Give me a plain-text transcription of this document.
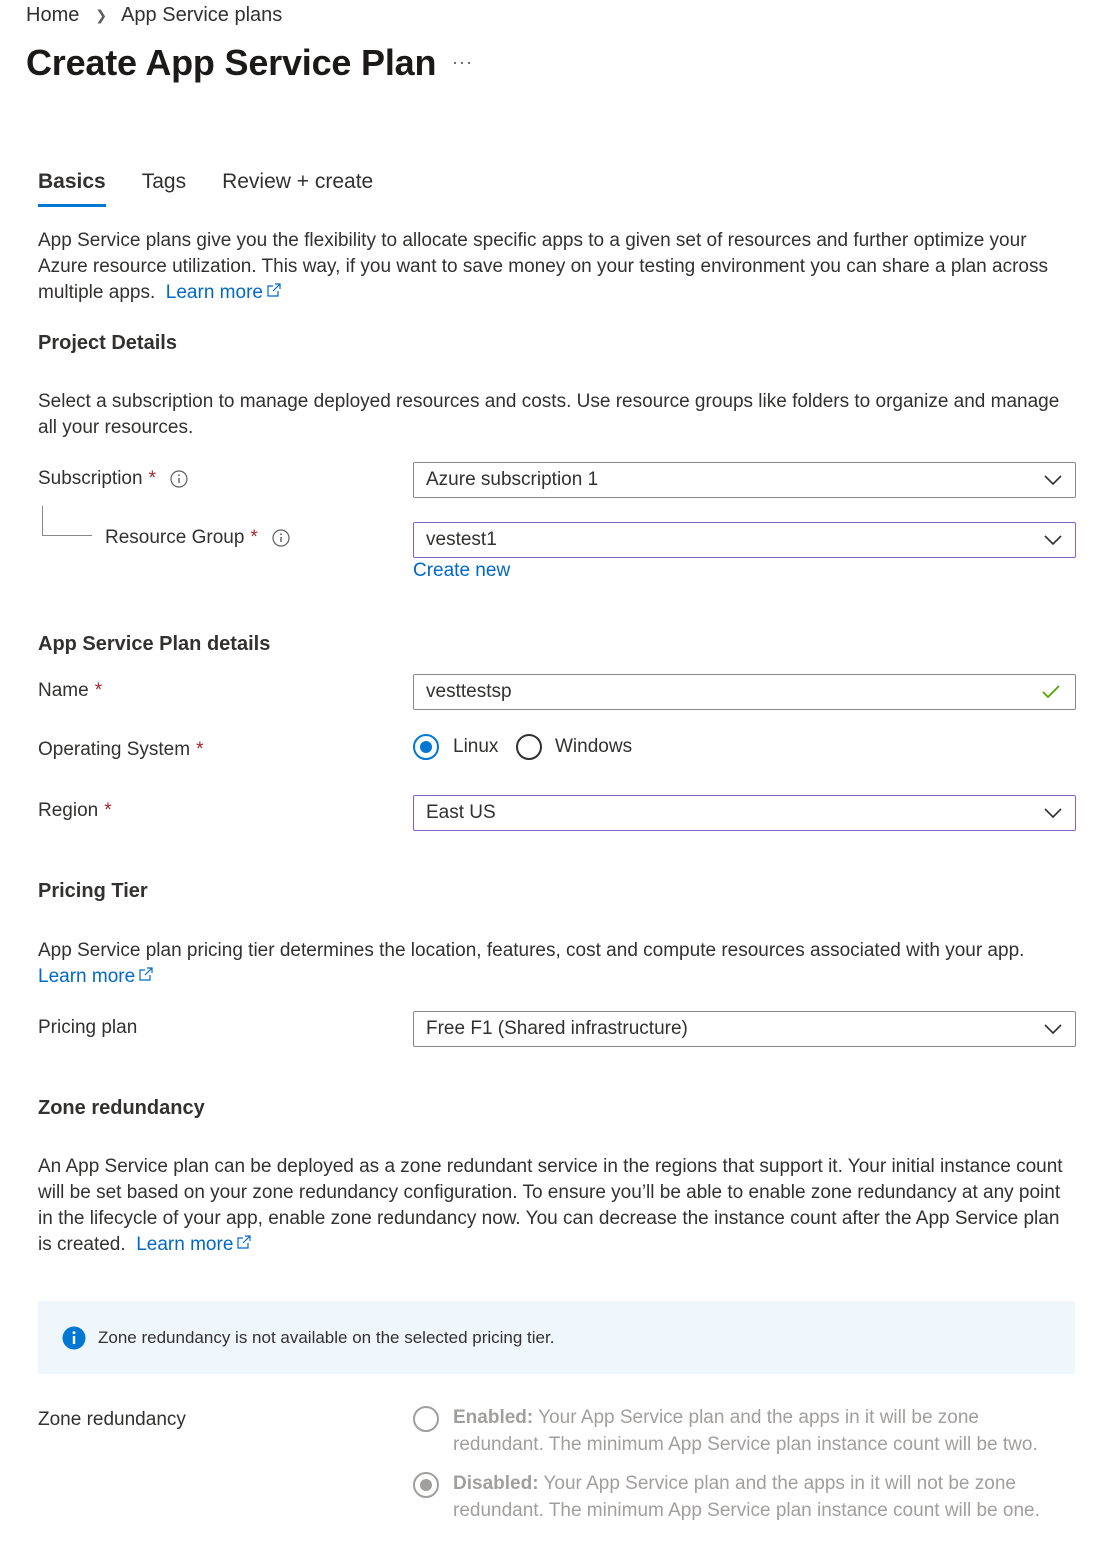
Home ❯ App Service plans
Create App Service Plan ···
Basics Tags Review + create

App Service plans give you the flexibility to allocate specific apps to a given set of resources and further optimize your Azure resource utilization. This way, if you want to save money on your testing environment you can share a plan across multiple apps. Learn more

Project Details

Select a subscription to manage deployed resources and costs. Use resource groups like folders to organize and manage all your resources.

Subscription *	Azure subscription 1
Resource Group *	vestest1
Create new
App Service Plan details
Name *	vesttestsp
Operating System *	Linux	Windows
Region *	East US
Pricing Tier

App Service plan pricing tier determines the location, features, cost and compute resources associated with your app.
Learn more

Pricing plan	Free F1 (Shared infrastructure)
Zone redundancy

An App Service plan can be deployed as a zone redundant service in the regions that support it. Your initial instance count will be set based on your zone redundancy configuration. To ensure you’ll be able to enable zone redundancy at any point in the lifecycle of your app, enable zone redundancy now. You can decrease the instance count after the App Service plan is created. Learn more

Zone redundancy is not available on the selected pricing tier.
Zone redundancy	Enabled: Your App Service plan and the apps in it will be zone redundant. The minimum App Service plan instance count will be two.
Disabled: Your App Service plan and the apps in it will not be zone redundant. The minimum App Service plan instance count will be one.
